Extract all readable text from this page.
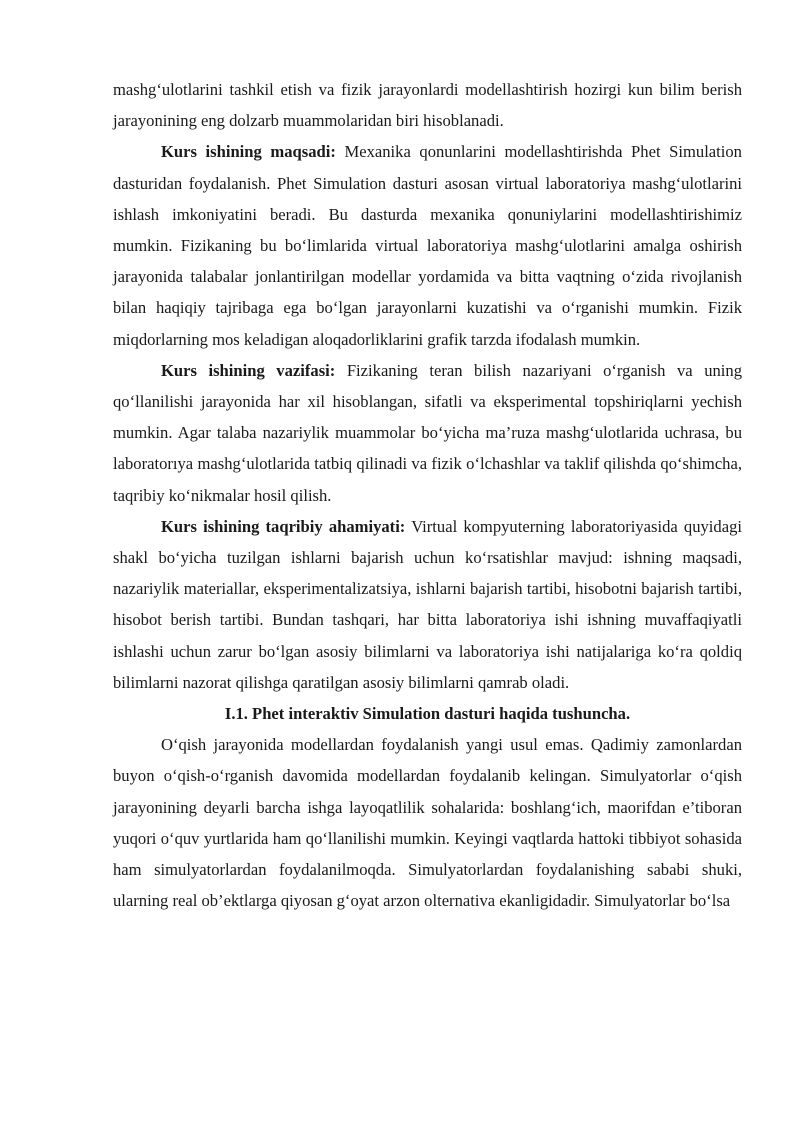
mashg‘ulotlarini tashkil etish va fizik jarayonlardi modellashtirish hozirgi kun bilim berish jarayonining eng dolzarb muammolaridan biri hisoblanadi.

Kurs ishining maqsadi: Mexanika qonunlarini modellashtirishda Phet Simulation dasturidan foydalanish. Phet Simulation dasturi asosan virtual laboratoriya mashg‘ulotlarini ishlash imkoniyatini beradi. Bu dasturda mexanika qonuniylarini modellashtirishimiz mumkin. Fizikaning bu bo‘limlarida virtual laboratoriya mashg‘ulotlarini amalga oshirish jarayonida talabalar jonlantirilgan modellar yordamida va bitta vaqtning o‘zida rivojlanish bilan haqiqiy tajribaga ega bo‘lgan jarayonlarni kuzatishi va o‘rganishi mumkin. Fizik miqdorlarning mos keladigan aloqadorliklarini grafik tarzda ifodalash mumkin.

Kurs ishining vazifasi: Fizikaning teran bilish nazariyani o‘rganish va uning qo‘llanilishi jarayonida har xil hisoblangan, sifatli va eksperimental topshiriqlarni yechish mumkin. Agar talaba nazariylik muammolar bo‘yicha ma’ruza mashg‘ulotlarida uchrasa, bu laboratorıya mashg‘ulotlarida tatbiq qilinadi va fizik o‘lchashlar va taklif qilishda qo‘shimcha, taqribiy ko‘nikmalar hosil qilish.

Kurs ishining taqribiy ahamiyati: Virtual kompyuterning laboratoriyasida quyidagi shakl bo‘yicha tuzilgan ishlarni bajarish uchun ko‘rsatishlar mavjud: ishning maqsadi, nazariylik materiallar, eksperimentalizatsiya, ishlarni bajarish tartibi, hisobotni bajarish tartibi, hisobot berish tartibi. Bundan tashqari, har bitta laboratoriya ishi ishning muvaffaqiyatli ishlashi uchun zarur bo‘lgan asosiy bilimlarni va laboratoriya ishi natijalariga ko‘ra qoldiq bilimlarni nazorat qilishga qaratilgan asosiy bilimlarni qamrab oladi.

I.1. Phet interaktiv Simulation dasturi haqida tushuncha.

O‘qish jarayonida modellardan foydalanish yangi usul emas. Qadimiy zamonlardan buyon o‘qish-o‘rganish davomida modellardan foydalanib kelingan. Simulyatorlar o‘qish jarayonining deyarli barcha ishga layoqatlilik sohalarida: boshlang‘ich, maorifdan e’tiboran yuqori o‘quv yurtlarida ham qo‘llanilishi mumkin. Keyingi vaqtlarda hattoki tibbiyot sohasida ham simulyatorlardan foydalanilmoqda. Simulyatorlardan foydalanishing sababi shuki, ularning real ob’ektlarga qiyosan g‘oyat arzon olternativa ekanligidadir. Simulyatorlar bo‘lsa
